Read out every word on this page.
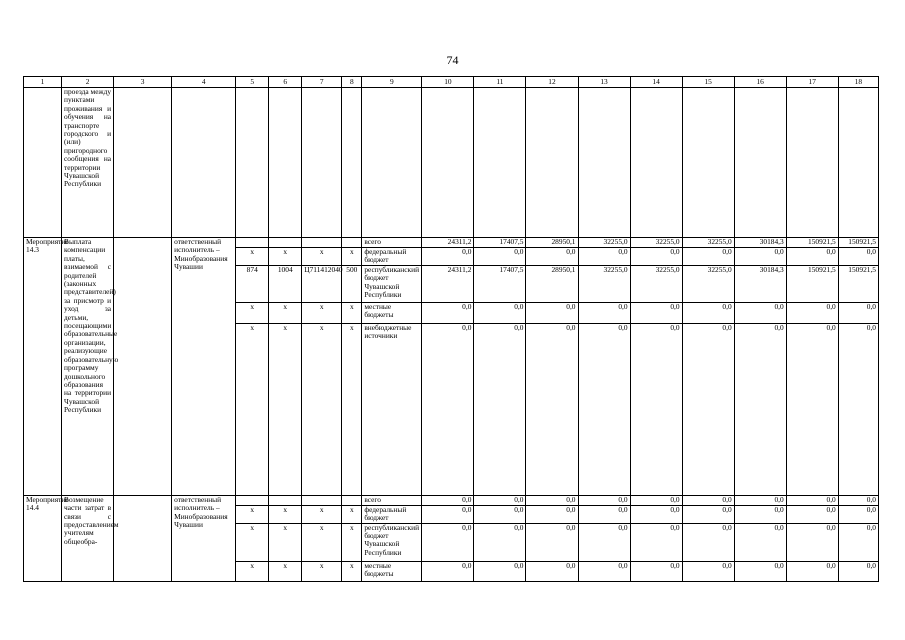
74
1	2	3	4	5	6	7	8	9	10	11	12	13	14	15	16	17	18
	проезда между пунктами проживания и обучения на транспорте городского и (или) пригородного сообщения на территории Чувашской Республики																
Мероприятие 14.3	Выплата компенсации платы, взимаемой с родителей (законных представителей) за присмотр и уход за детьми, посещающими образовательные организации, реализующие образовательную программу дошкольного образования на территории Чувашской Республики		ответственный исполнитель – Минобразования Чувашии					всего	24311,2	17407,5	28950,1	32255,0	32255,0	32255,0	30184,3	150921,5	150921,5
				x	x	x	x	федеральный бюджет	0,0	0,0	0,0	0,0	0,0	0,0	0,0	0,0	0,0
				874	1004	Ц711412040	500	республиканский бюджет Чувашской Республики	24311,2	17407,5	28950,1	32255,0	32255,0	32255,0	30184,3	150921,5	150921,5
				x	x	x	x	местные бюджеты	0,0	0,0	0,0	0,0	0,0	0,0	0,0	0,0	0,0
				x	x	x	x	внебюджетные источники	0,0	0,0	0,0	0,0	0,0	0,0	0,0	0,0	0,0
Мероприятие 14.4	Возмещение части затрат в связи с предоставлением учителям общеобра-		ответственный исполнитель – Минобразования Чувашии					всего	0,0	0,0	0,0	0,0	0,0	0,0	0,0	0,0	0,0
				x	x	x	x	федеральный бюджет	0,0	0,0	0,0	0,0	0,0	0,0	0,0	0,0	0,0
				x	x	x	x	республиканский бюджет Чувашской Республики	0,0	0,0	0,0	0,0	0,0	0,0	0,0	0,0	0,0
				x	x	x	x	местные бюджеты	0,0	0,0	0,0	0,0	0,0	0,0	0,0	0,0	0,0
